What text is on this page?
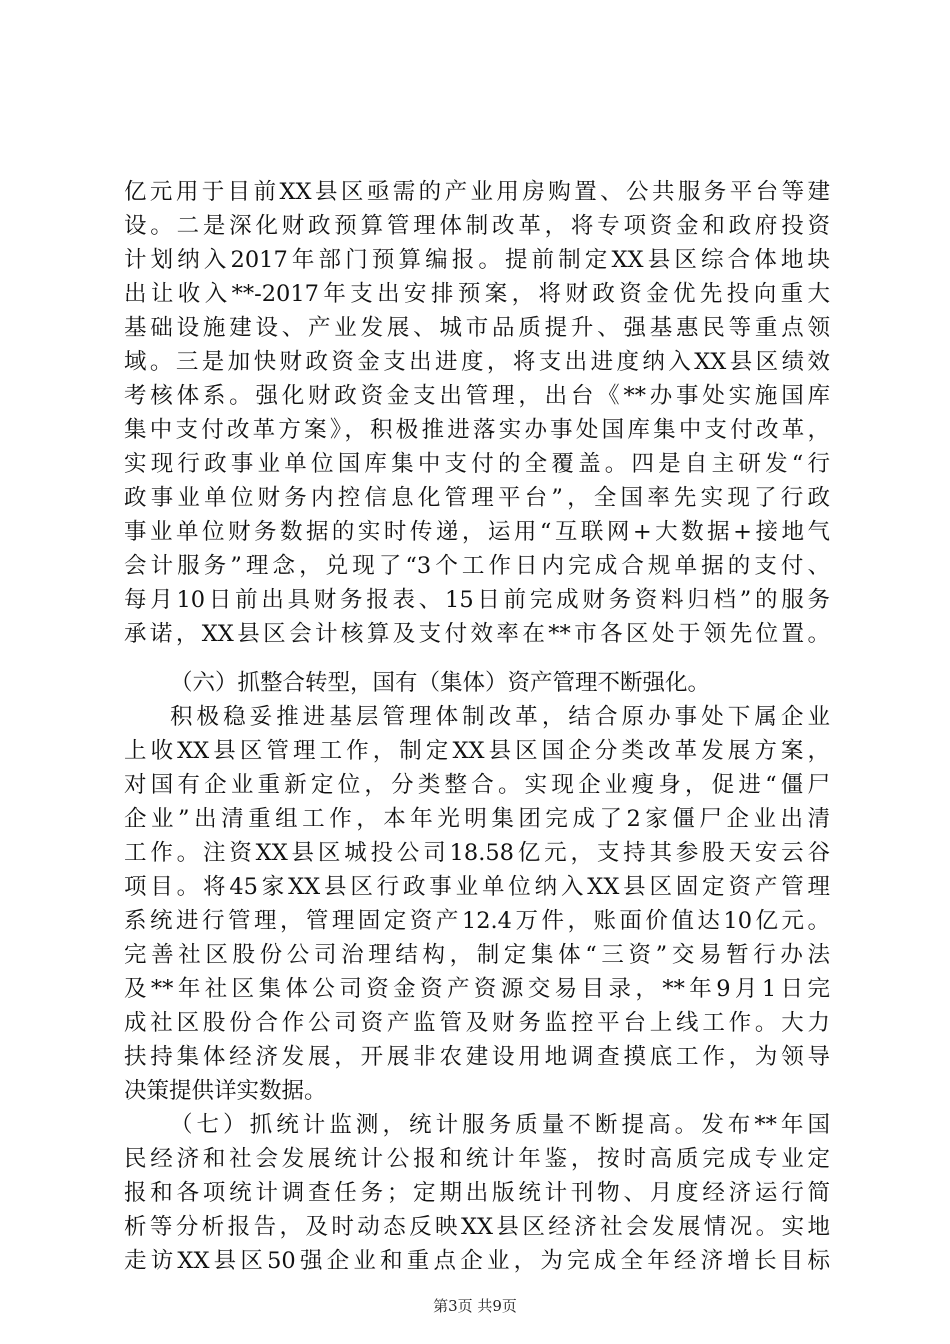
亿元用于目前XX县区亟需的产业用房购置、公共服务平台等建
设。二是深化财政预算管理体制改革，将专项资金和政府投资
计划纳入2017年部门预算编报。提前制定XX县区综合体地块
出让收入**-2017年支出安排预案，将财政资金优先投向重大
基础设施建设、产业发展、城市品质提升、强基惠民等重点领
域。三是加快财政资金支出进度，将支出进度纳入XX县区绩效
考核体系。强化财政资金支出管理，出台《**办事处实施国库
集中支付改革方案》，积极推进落实办事处国库集中支付改革，
实现行政事业单位国库集中支付的全覆盖。四是自主研发“行
政事业单位财务内控信息化管理平台”，全国率先实现了行政
事业单位财务数据的实时传递，运用“互联网+大数据+接地气
会计服务”理念，兑现了“3个工作日内完成合规单据的支付、
每月10日前出具财务报表、15日前完成财务资料归档”的服务
承诺，XX县区会计核算及支付效率在**市各区处于领先位置。
（六）抓整合转型，国有（集体）资产管理不断强化。
积极稳妥推进基层管理体制改革，结合原办事处下属企业
上收XX县区管理工作，制定XX县区国企分类改革发展方案，
对国有企业重新定位，分类整合。实现企业瘦身，促进“僵尸
企业”出清重组工作，本年光明集团完成了2家僵尸企业出清
工作。注资XX县区城投公司18.58亿元，支持其参股天安云谷
项目。将45家XX县区行政事业单位纳入XX县区固定资产管理
系统进行管理，管理固定资产12.4万件，账面价值达10亿元。
完善社区股份公司治理结构，制定集体“三资”交易暂行办法
及**年社区集体公司资金资产资源交易目录，**年9月1日完
成社区股份合作公司资产监管及财务监控平台上线工作。大力
扶持集体经济发展，开展非农建设用地调查摸底工作，为领导
决策提供详实数据。
（七）抓统计监测，统计服务质量不断提高。发布**年国
民经济和社会发展统计公报和统计年鉴，按时高质完成专业定
报和各项统计调查任务；定期出版统计刊物、月度经济运行简
析等分析报告，及时动态反映XX县区经济社会发展情况。实地
走访XX县区50强企业和重点企业，为完成全年经济增长目标
第3页 共9页
